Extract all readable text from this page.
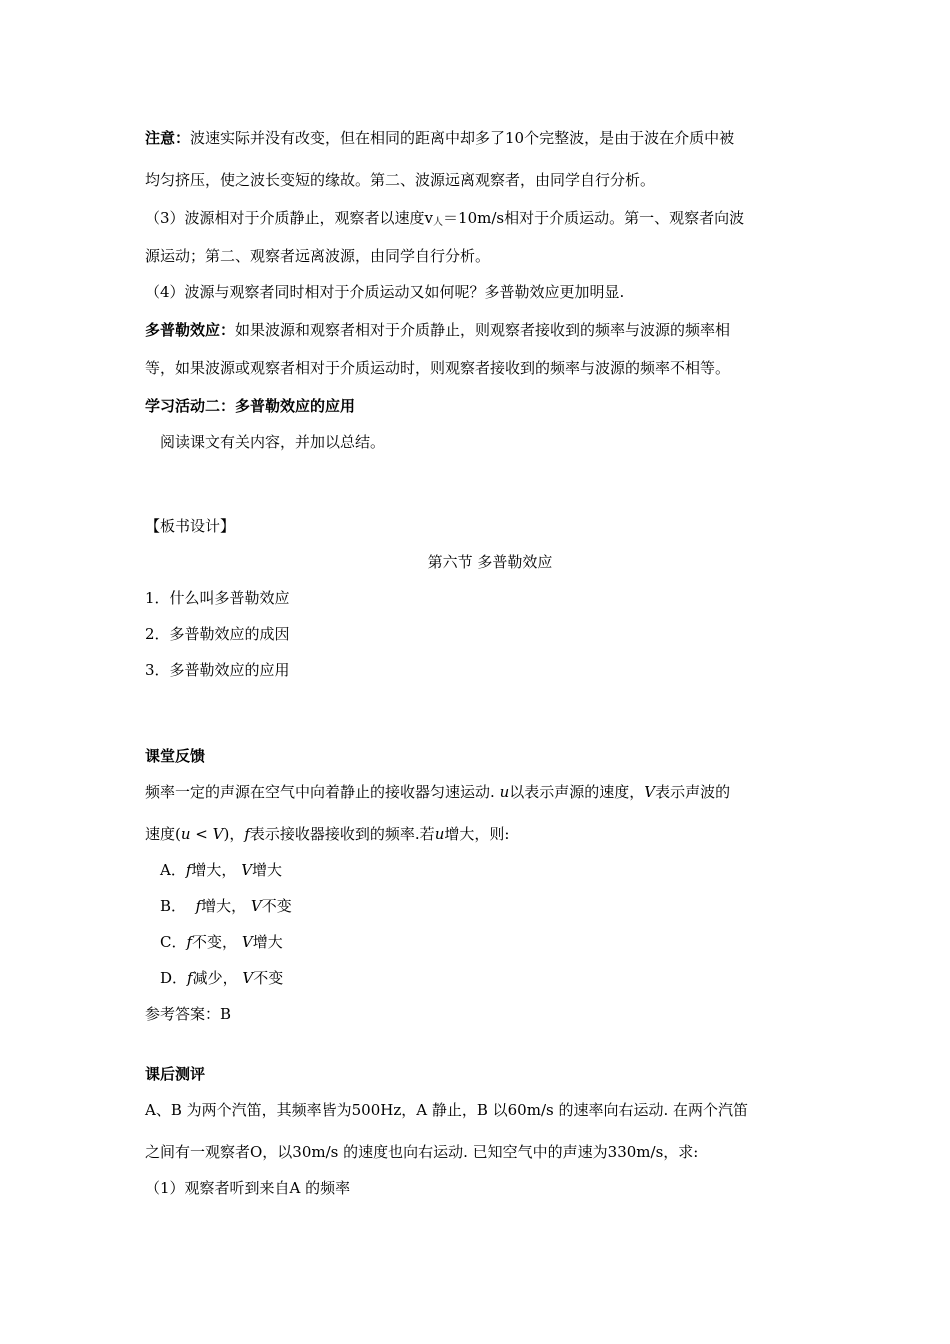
注意：波速实际并没有改变，但在相同的距离中却多了10个完整波，是由于波在介质中被
均匀挤压，使之波长变短的缘故。第二、波源远离观察者，由同学自行分析。
（3）波源相对于介质静止，观察者以速度$v_人=10m/s$相对于介质运动。第一、观察者向波
源运动；第二、观察者远离波源，由同学自行分析。
（4）波源与观察者同时相对于介质运动又如何呢？多普勒效应更加明显.
多普勒效应：如果波源和观察者相对于介质静止，则观察者接收到的频率与波源的频率相
等，如果波源或观察者相对于介质运动时，则观察者接收到的频率与波源的频率不相等。
学习活动二：多普勒效应的应用
阅读课文有关内容，并加以总结。
【板书设计】
第六节 多普勒效应
1．什么叫多普勒效应
2．多普勒效应的成因
3．多普勒效应的应用
课堂反馈
频率一定的声源在空气中向着静止的接收器匀速运动. u以表示声源的速度，V表示声波的
速度(u < V)，f表示接收器接收到的频率.若u增大，则:
A．f增大， V增大
B．  f增大， V不变
C．f不变， V增大
D．f减少， V不变
参考答案：B
课后测评
A、B 为两个汽笛，其频率皆为500Hz，A 静止，B 以60m/s 的速率向右运动. 在两个汽笛
之间有一观察者O，以30m/s 的速度也向右运动. 已知空气中的声速为330m/s，求:
（1）观察者听到来自A 的频率
